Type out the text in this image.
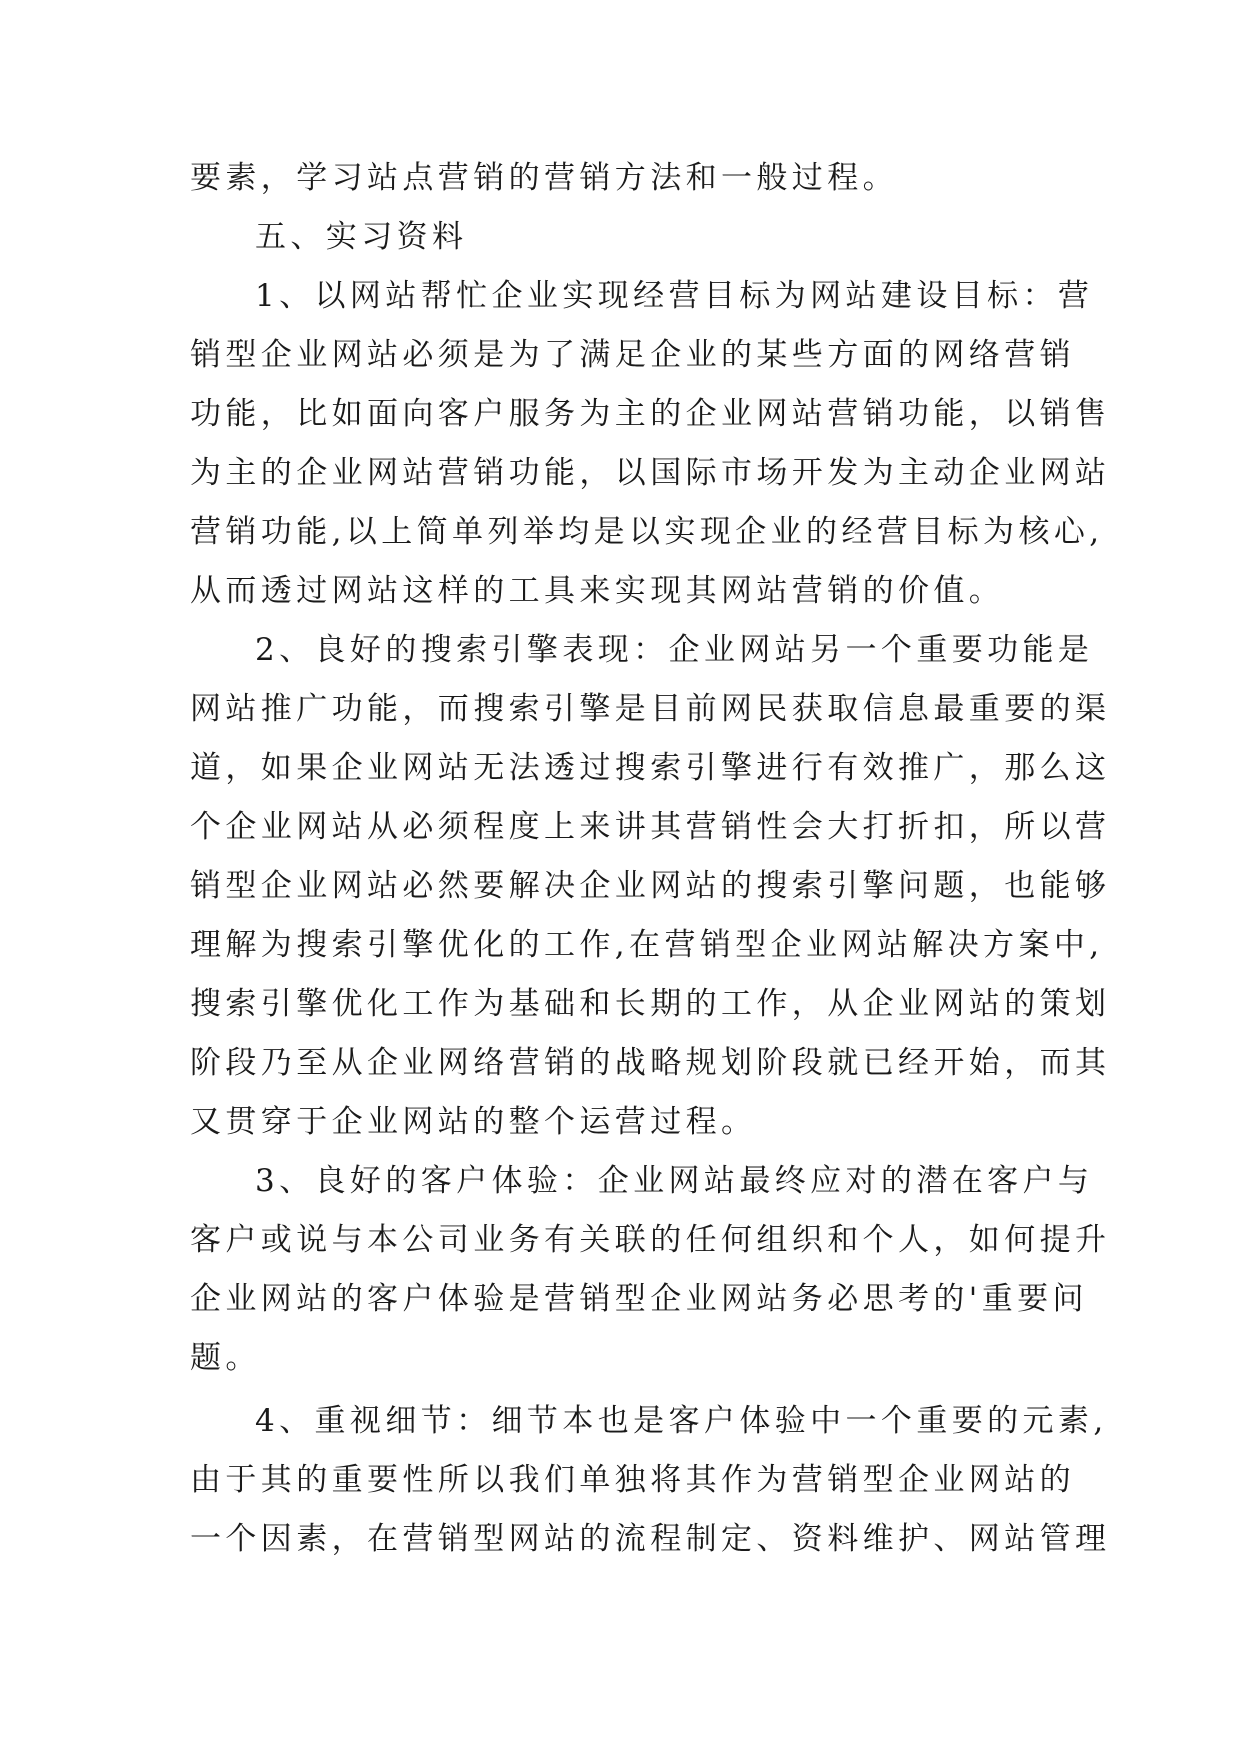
要素，学习站点营销的营销方法和一般过程。
五、实习资料
1、以网站帮忙企业实现经营目标为网站建设目标：营
销型企业网站必须是为了满足企业的某些方面的网络营销
功能，比如面向客户服务为主的企业网站营销功能，以销售
为主的企业网站营销功能，以国际市场开发为主动企业网站
营销功能,以上简单列举均是以实现企业的经营目标为核心,
从而透过网站这样的工具来实现其网站营销的价值。
2、良好的搜索引擎表现：企业网站另一个重要功能是
网站推广功能，而搜索引擎是目前网民获取信息最重要的渠
道，如果企业网站无法透过搜索引擎进行有效推广，那么这
个企业网站从必须程度上来讲其营销性会大打折扣，所以营
销型企业网站必然要解决企业网站的搜索引擎问题，也能够
理解为搜索引擎优化的工作,在营销型企业网站解决方案中,
搜索引擎优化工作为基础和长期的工作，从企业网站的策划
阶段乃至从企业网络营销的战略规划阶段就已经开始，而其
又贯穿于企业网站的整个运营过程。
3、良好的客户体验：企业网站最终应对的潜在客户与
客户或说与本公司业务有关联的任何组织和个人，如何提升
企业网站的客户体验是营销型企业网站务必思考的'重要问
题。
4、重视细节：细节本也是客户体验中一个重要的元素,
由于其的重要性所以我们单独将其作为营销型企业网站的
一个因素，在营销型网站的流程制定、资料维护、网站管理
